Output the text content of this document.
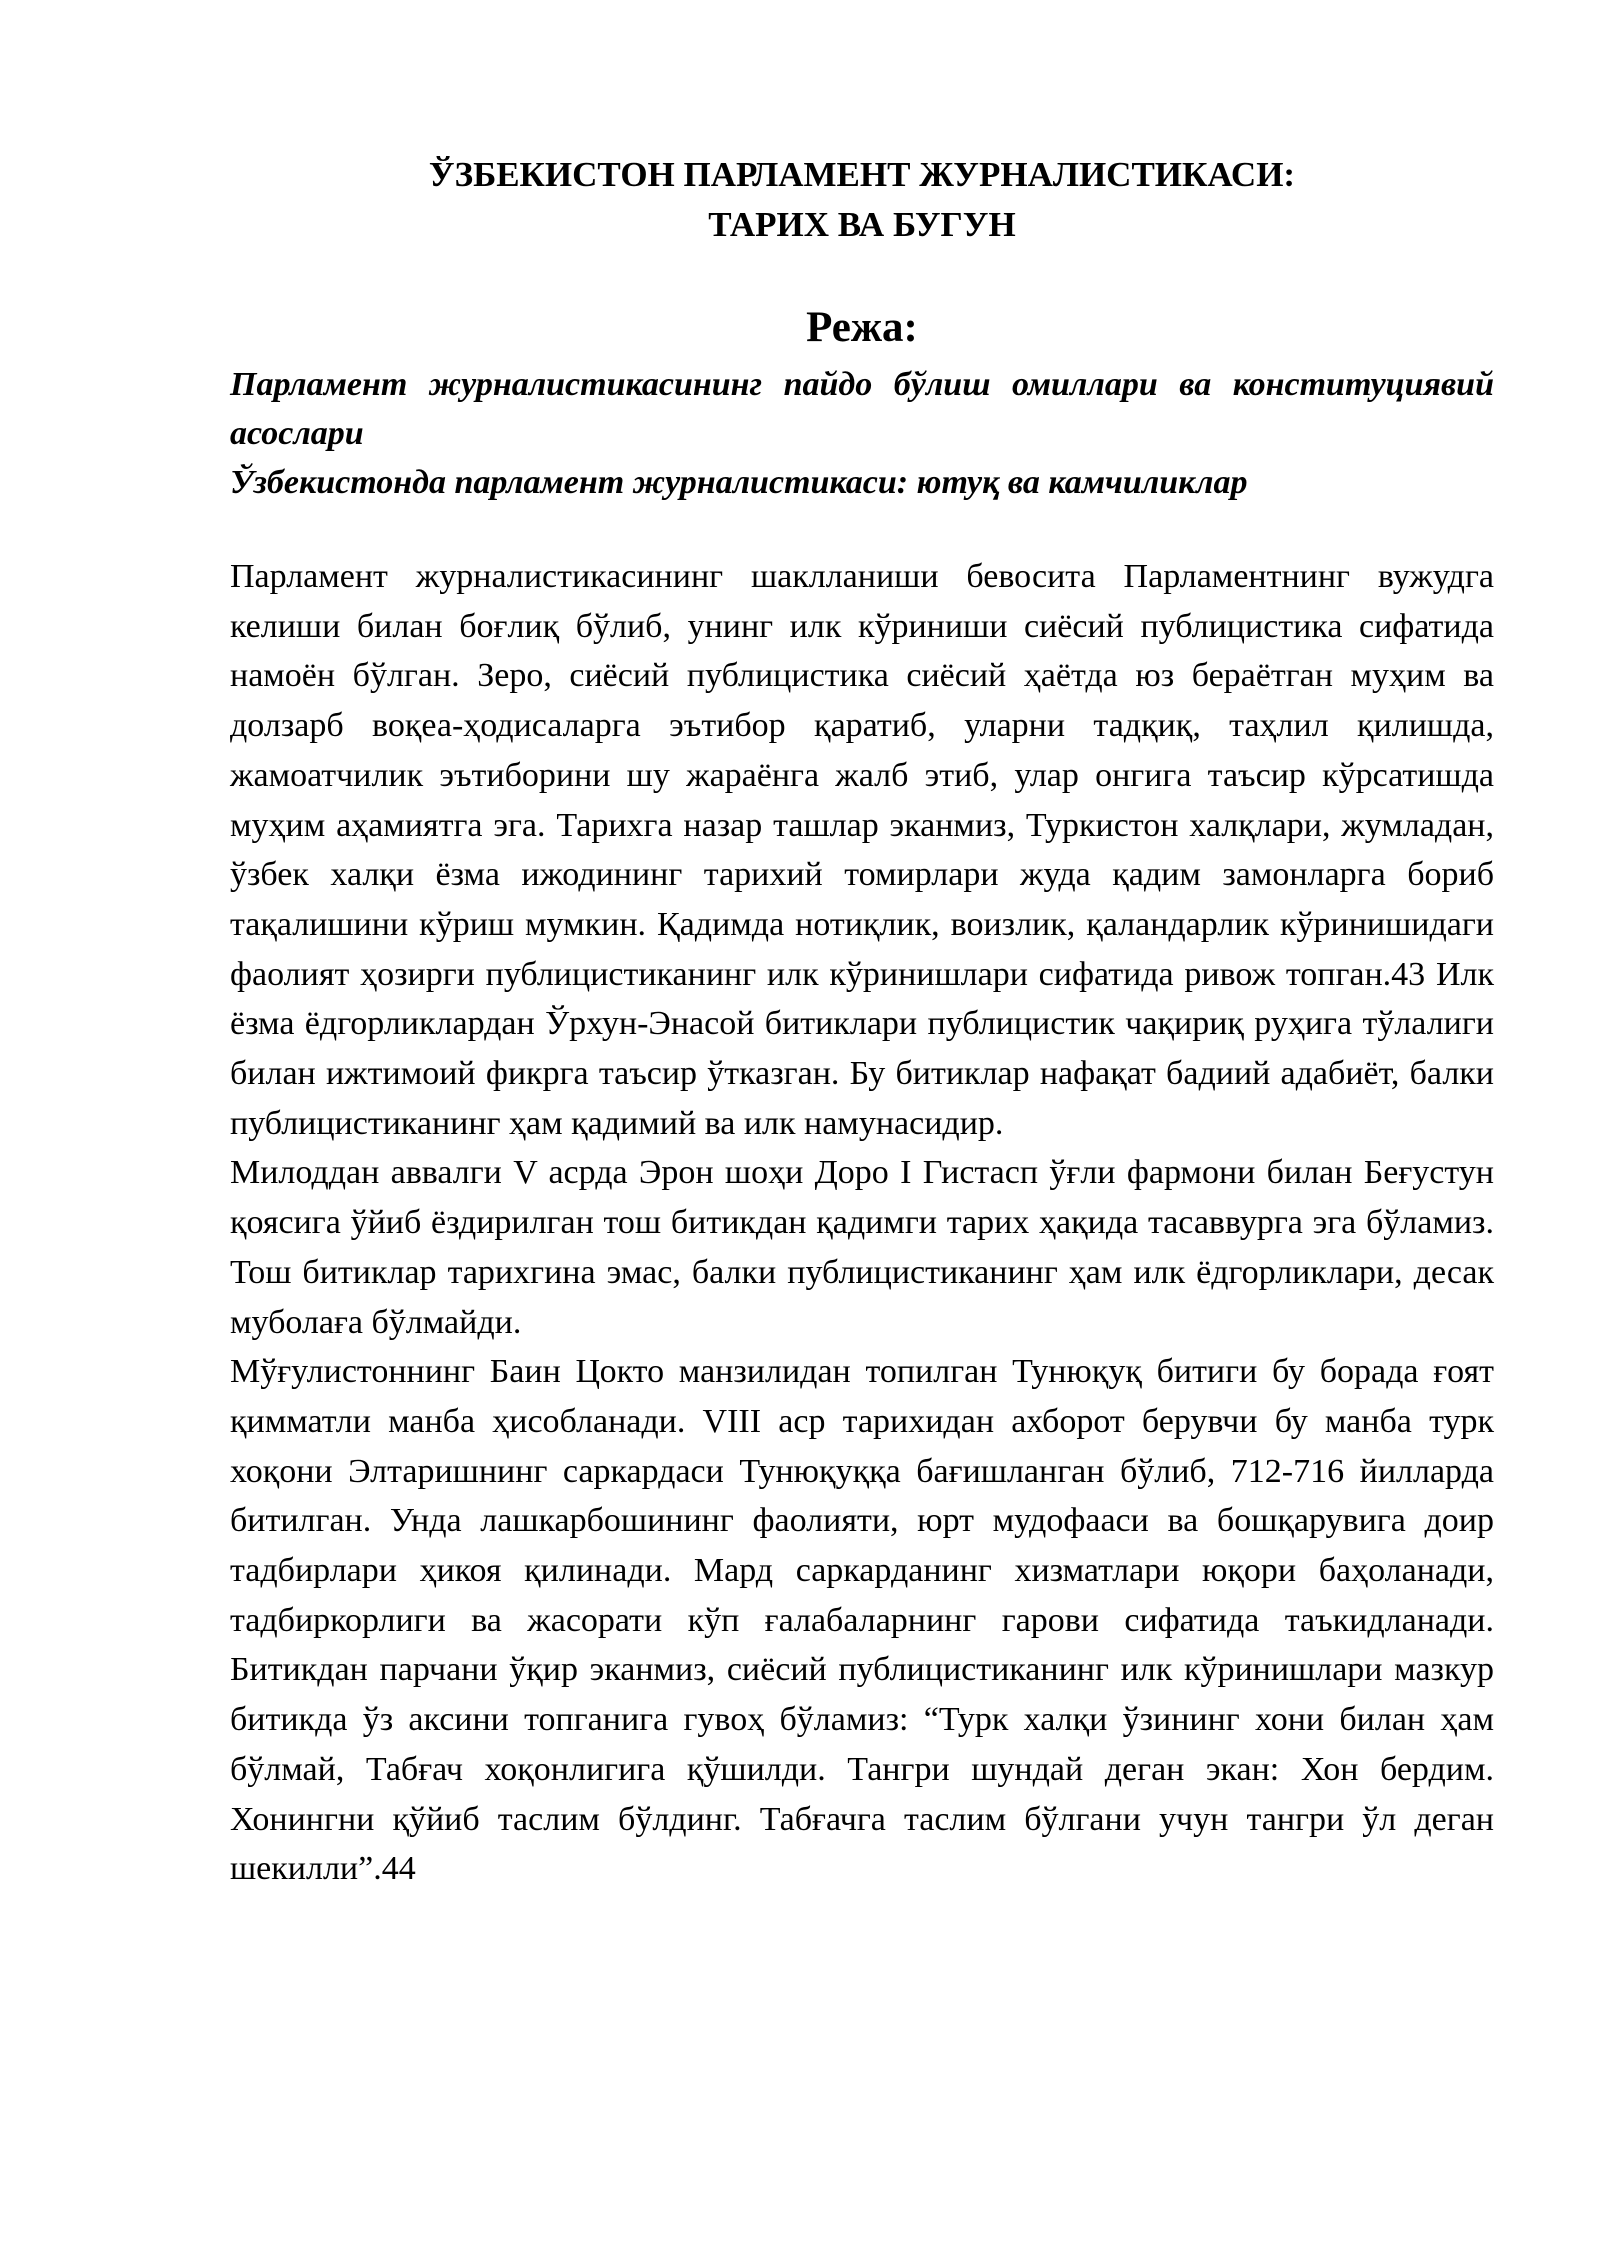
ЎЗБЕКИСТОН ПАРЛАМЕНТ ЖУРНАЛИСТИКАСИ:
ТАРИХ ВА БУГУН
Режа:
Парламент журналистикасининг пайдо бўлиш омиллари ва конституциявий асослари
Ўзбекистонда парламент журналистикаси: ютуқ ва камчиликлар

Парламент журналистикасининг шаклланиши бевосита Парламентнинг вужудга келиши билан боғлиқ бўлиб, унинг илк кўриниши сиёсий публицистика сифатида намоён бўлган. Зеро, сиёсий публицистика сиёсий ҳаётда юз бераётган муҳим ва долзарб воқеа-ҳодисаларга эътибор қаратиб, уларни тадқиқ, таҳлил қилишда, жамоатчилик эътиборини шу жараёнга жалб этиб, улар онгига таъсир кўрсатишда муҳим аҳамиятга эга. Тарихга назар ташлар эканмиз, Туркистон халқлари, жумладан, ўзбек халқи ёзма ижодининг тарихий томирлари жуда қадим замонларга бориб тақалишини кўриш мумкин. Қадимда нотиқлик, воизлик, қаландарлик кўринишидаги фаолият ҳозирги публицистиканинг илк кўринишлари сифатида ривож топган.43 Илк ёзма ёдгорликлардан Ўрхун-Энасой битиклари публицистик чақириқ руҳига тўлалиги билан ижтимоий фикрга таъсир ўтказган. Бу битиклар нафақат бадиий адабиёт, балки публицистиканинг ҳам қадимий ва илк намунасидир.

Милоддан аввалги V асрда Эрон шоҳи Доро I Гистасп ўғли фармони билан Беғустун қоясига ўйиб ёздирилган тош битикдан қадимги тарих ҳақида тасаввурга эга бўламиз. Тош битиклар тарихгина эмас, балки публицистиканинг ҳам илк ёдгорликлари, десак муболаға бўлмайди.

Мўғулистоннинг Баин Цокто манзилидан топилган Тунюқуқ битиги бу борада ғоят қимматли манба ҳисобланади. VIII аср тарихидан ахборот берувчи бу манба турк хоқони Элтаришнинг саркардаси Тунюқуққа бағишланган бўлиб, 712-716 йилларда битилган. Унда лашкарбошининг фаолияти, юрт мудофааси ва бошқарувига доир тадбирлари ҳикоя қилинади. Мард саркарданинг хизматлари юқори баҳоланади, тадбиркорлиги ва жасорати кўп ғалабаларнинг гарови сифатида таъкидланади. Битикдан парчани ўқир эканмиз, сиёсий публицистиканинг илк кўринишлари мазкур битикда ўз аксини топганига гувоҳ бўламиз: “Турк халқи ўзининг хони билан ҳам бўлмай, Табғач хоқонлигига қўшилди. Тангри шундай деган экан: Хон бердим. Хонингни қўйиб таслим бўлдинг. Табғачга таслим бўлгани учун тангри ўл деган шекилли”.44
